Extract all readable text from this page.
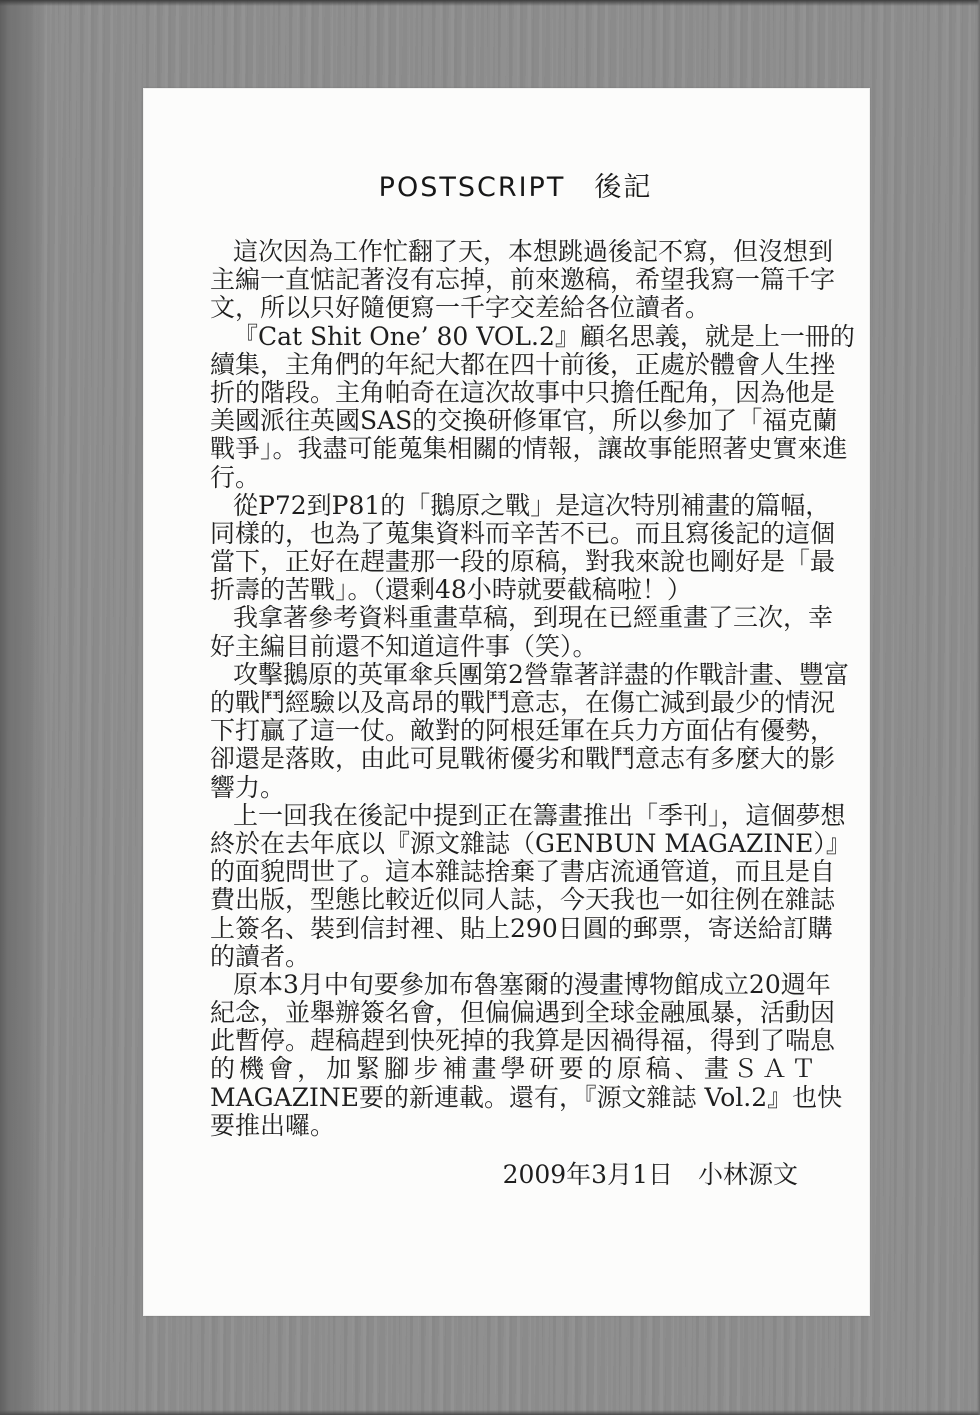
POSTSCRIPT　後記
這次因為工作忙翻了天，本想跳過後記不寫，但沒想到
主編一直惦記著沒有忘掉，前來邀稿，希望我寫一篇千字
文，所以只好隨便寫一千字交差給各位讀者。
『Cat Shit One’ 80 VOL.2』顧名思義，就是上一冊的
續集，主角們的年紀大都在四十前後，正處於體會人生挫
折的階段。主角帕奇在這次故事中只擔任配角，因為他是
美國派往英國SAS的交換研修軍官，所以參加了「福克蘭
戰爭」。我盡可能蒐集相關的情報，讓故事能照著史實來進
行。
從P72到P81的「鵝原之戰」是這次特別補畫的篇幅，
同樣的，也為了蒐集資料而辛苦不已。而且寫後記的這個
當下，正好在趕畫那一段的原稿，對我來說也剛好是「最
折壽的苦戰」。（還剩48小時就要截稿啦！）
我拿著參考資料重畫草稿，到現在已經重畫了三次，幸
好主編目前還不知道這件事（笑）。
攻擊鵝原的英軍傘兵團第2營靠著詳盡的作戰計畫、豐富
的戰鬥經驗以及高昂的戰鬥意志，在傷亡減到最少的情況
下打贏了這一仗。敵對的阿根廷軍在兵力方面佔有優勢，
卻還是落敗，由此可見戰術優劣和戰鬥意志有多麼大的影
響力。
上一回我在後記中提到正在籌畫推出「季刊」，這個夢想
終於在去年底以『源文雜誌（GENBUN MAGAZINE）』
的面貌問世了。這本雜誌捨棄了書店流通管道，而且是自
費出版，型態比較近似同人誌，今天我也一如往例在雜誌
上簽名、裝到信封裡、貼上290日圓的郵票，寄送給訂購
的讀者。
原本3月中旬要參加布魯塞爾的漫畫博物館成立20週年
紀念，並舉辦簽名會，但偏偏遇到全球金融風暴，活動因
此暫停。趕稿趕到快死掉的我算是因禍得福，得到了喘息
的機會，加緊腳步補畫學研要的原稿、畫ＳＡＴ
MAGAZINE要的新連載。還有，『源文雜誌 Vol.2』也快
要推出囉。
2009年3月1日　小林源文
